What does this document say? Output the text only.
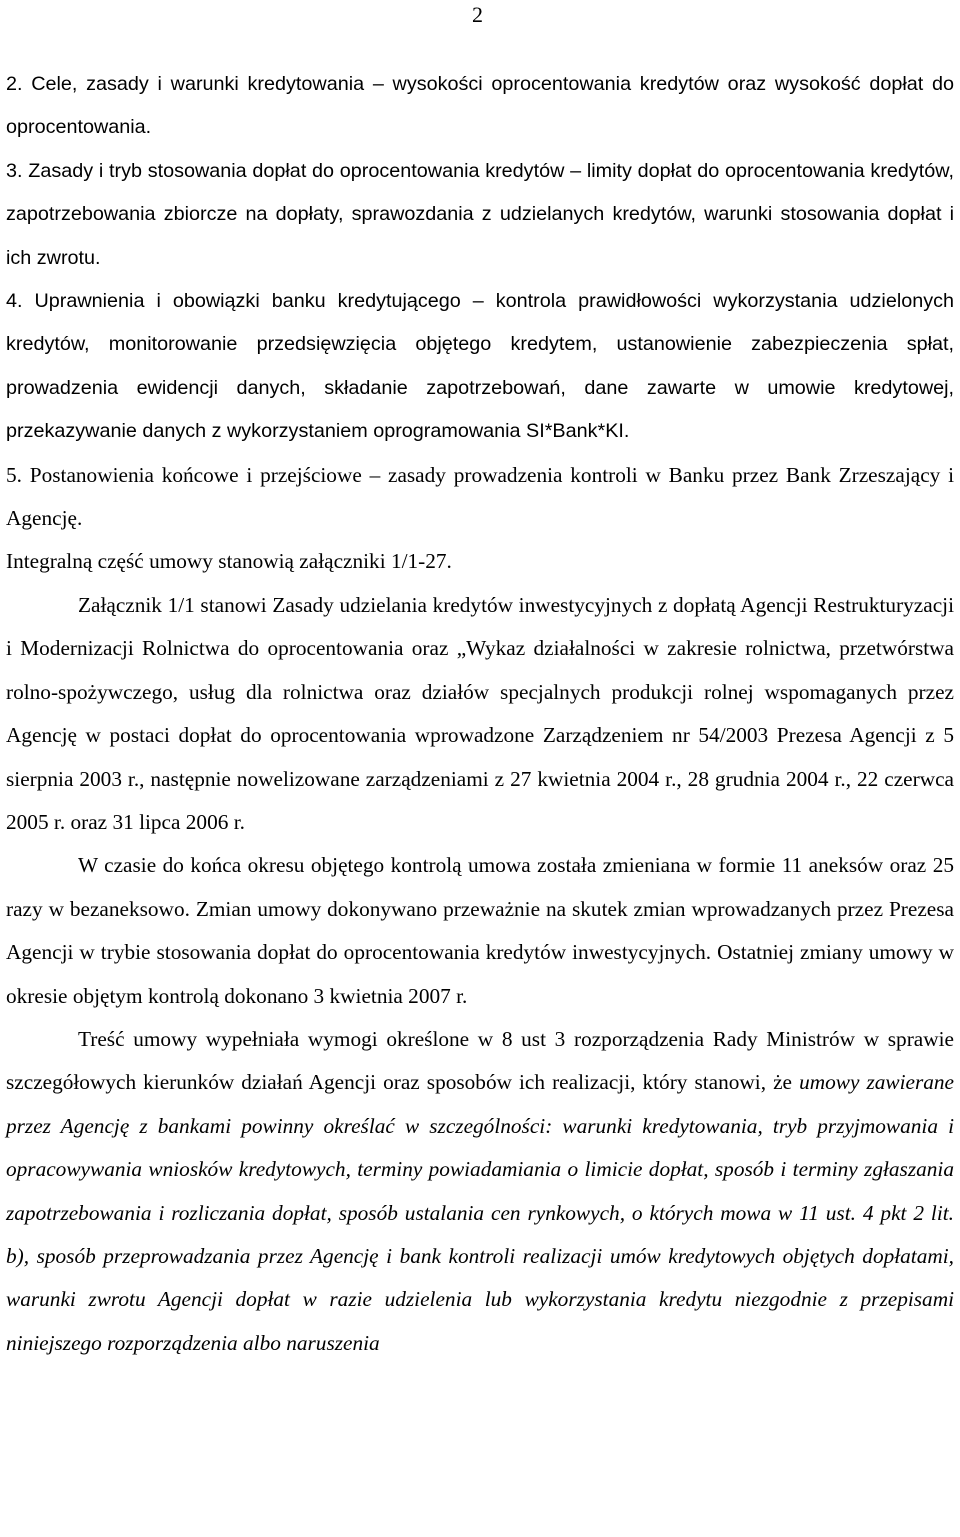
2

2. Cele, zasady i warunki kredytowania – wysokości oprocentowania kredytów oraz wysokość dopłat do oprocentowania.

3. Zasady i tryb stosowania dopłat do oprocentowania kredytów – limity dopłat do oprocentowania kredytów, zapotrzebowania zbiorcze na dopłaty, sprawozdania z udzielanych kredytów, warunki stosowania dopłat i ich zwrotu.

4. Uprawnienia i obowiązki banku kredytującego – kontrola prawidłowości wykorzystania udzielonych kredytów, monitorowanie przedsięwzięcia objętego kredytem, ustanowienie zabezpieczenia spłat, prowadzenia ewidencji danych, składanie zapotrzebowań, dane zawarte w umowie kredytowej, przekazywanie danych z wykorzystaniem oprogramowania SI*Bank*KI.

5. Postanowienia końcowe i przejściowe – zasady prowadzenia kontroli w Banku przez Bank Zrzeszający i Agencję.

Integralną część umowy stanowią załączniki 1/1-27.

Załącznik 1/1 stanowi Zasady udzielania kredytów inwestycyjnych z dopłatą Agencji Restrukturyzacji i Modernizacji Rolnictwa do oprocentowania oraz „Wykaz działalności w zakresie rolnictwa, przetwórstwa rolno-spożywczego, usług dla rolnictwa oraz działów specjalnych produkcji rolnej wspomaganych przez Agencję w postaci dopłat do oprocentowania wprowadzone Zarządzeniem nr 54/2003 Prezesa Agencji z 5 sierpnia 2003 r., następnie nowelizowane zarządzeniami z 27 kwietnia 2004 r., 28 grudnia 2004 r., 22 czerwca 2005 r. oraz 31 lipca 2006 r.

W czasie do końca okresu objętego kontrolą umowa została zmieniana w formie 11 aneksów oraz 25 razy w bezaneksowo. Zmian umowy dokonywano przeważnie na skutek zmian wprowadzanych przez Prezesa Agencji w trybie stosowania dopłat do oprocentowania kredytów inwestycyjnych. Ostatniej zmiany umowy w okresie objętym kontrolą dokonano 3 kwietnia 2007 r.

Treść umowy wypełniała wymogi określone w 8 ust 3 rozporządzenia Rady Ministrów w sprawie szczegółowych kierunków działań Agencji oraz sposobów ich realizacji, który stanowi, że umowy zawierane przez Agencję z bankami powinny określać w szczególności: warunki kredytowania, tryb przyjmowania i opracowywania wniosków kredytowych, terminy powiadamiania o limicie dopłat, sposób i terminy zgłaszania zapotrzebowania i rozliczania dopłat, sposób ustalania cen rynkowych, o których mowa w 11 ust. 4 pkt 2 lit. b), sposób przeprowadzania przez Agencję i bank kontroli realizacji umów kredytowych objętych dopłatami, warunki zwrotu Agencji dopłat w razie udzielenia lub wykorzystania kredytu niezgodnie z przepisami niniejszego rozporządzenia albo naruszenia
